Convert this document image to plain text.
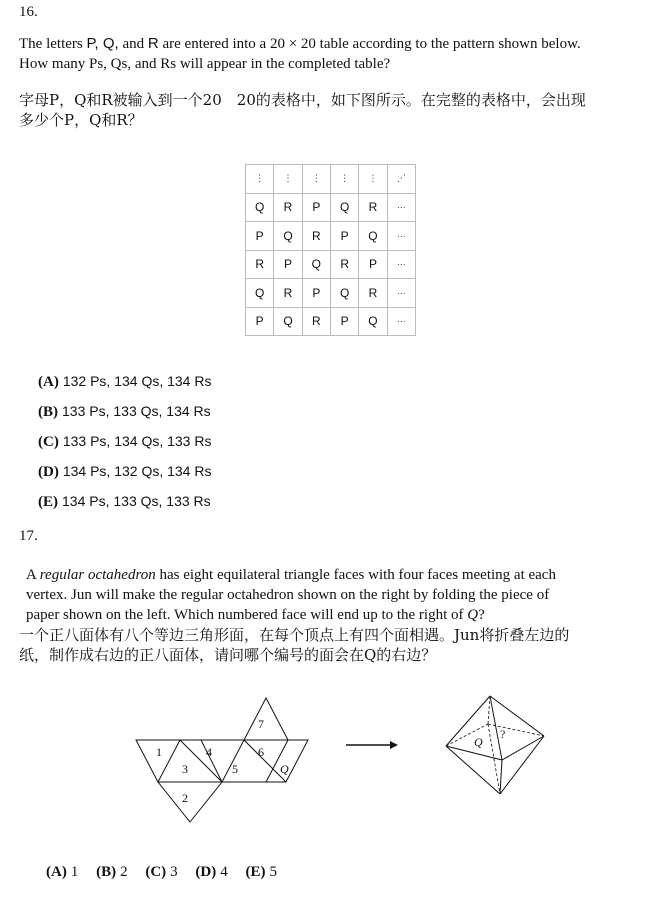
16.
The letters P, Q, and R are entered into a 20 × 20 table according to the pattern shown below.
How many Ps, Qs, and Rs will appear in the completed table?
字母P，Q和R被输入到一个20　20的表格中，如下图所示。在完整的表格中，会出现
多少个P，Q和R？
⋮	⋮	⋮	⋮	⋮	⋰
Q	R	P	Q	R	···
P	Q	R	P	Q	···
R	P	Q	R	P	···
Q	R	P	Q	R	···
P	Q	R	P	Q	···
(A) 132 Ps, 134 Qs, 134 Rs
(B) 133 Ps, 133 Qs, 134 Rs
(C) 133 Ps, 134 Qs, 133 Rs
(D) 134 Ps, 132 Qs, 134 Rs
(E) 134 Ps, 133 Qs, 133 Rs
17.
A regular octahedron has eight equilateral triangle faces with four faces meeting at each
vertex. Jun will make the regular octahedron shown on the right by folding the piece of
paper shown on the left. Which numbered face will end up to the right of Q?
一个正八面体有八个等边三角形面，在每个顶点上有四个面相遇。Jun将折叠左边的
纸，制作成右边的正八面体，请问哪个编号的面会在Q的右边？
1
3
4
5
6
Q
7
2
Q
?
(A) 1 (B) 2 (C) 3 (D) 4 (E) 5
